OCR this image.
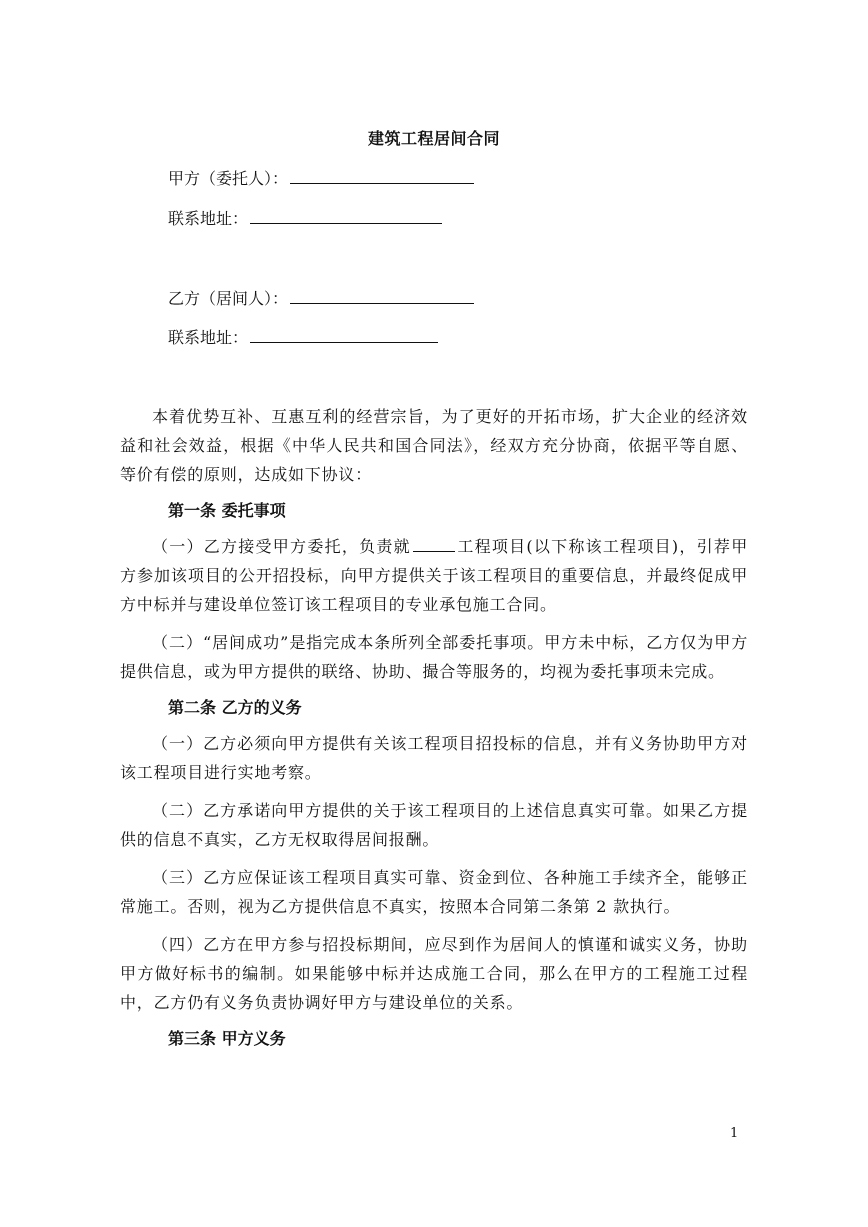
建筑工程居间合同
甲方（委托人）：
联系地址：
乙方（居间人）：
联系地址：

本着优势互补、互惠互利的经营宗旨，为了更好的开拓市场，扩大企业的经济效益和社会效益，根据《中华人民共和国合同法》，经双方充分协商，依据平等自愿、等价有偿的原则，达成如下协议：

第一条 委托事项

（一）乙方接受甲方委托，负责就	工程项目(以下称该工程项目)，引荐甲方参加该项目的公开招投标，向甲方提供关于该工程项目的重要信息，并最终促成甲方中标并与建设单位签订该工程项目的专业承包施工合同。

（二）“居间成功”是指完成本条所列全部委托事项。甲方未中标，乙方仅为甲方提供信息，或为甲方提供的联络、协助、撮合等服务的，均视为委托事项未完成。

第二条 乙方的义务

（一）乙方必须向甲方提供有关该工程项目招投标的信息，并有义务协助甲方对该工程项目进行实地考察。

（二）乙方承诺向甲方提供的关于该工程项目的上述信息真实可靠。如果乙方提供的信息不真实，乙方无权取得居间报酬。

（三）乙方应保证该工程项目真实可靠、资金到位、各种施工手续齐全，能够正常施工。否则，视为乙方提供信息不真实，按照本合同第二条第 2 款执行。

（四）乙方在甲方参与招投标期间，应尽到作为居间人的慎谨和诚实义务，协助甲方做好标书的编制。如果能够中标并达成施工合同，那么在甲方的工程施工过程中，乙方仍有义务负责协调好甲方与建设单位的关系。

第三条 甲方义务

1
